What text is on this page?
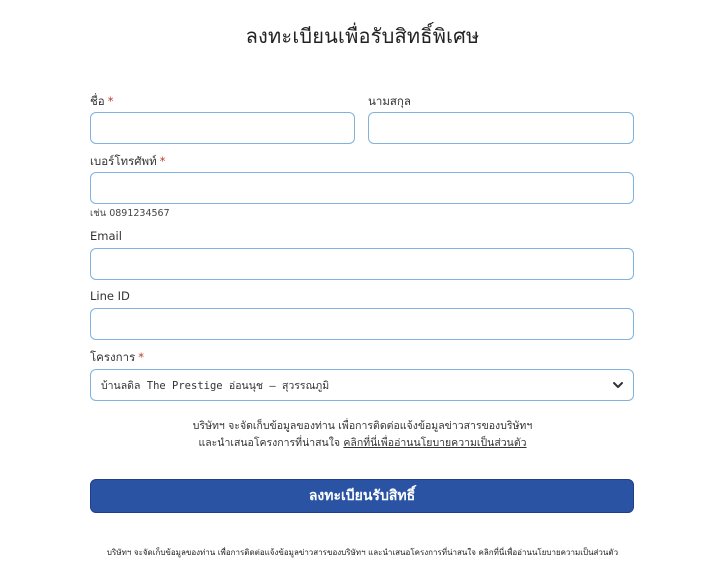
ลงทะเบียนเพื่อรับสิทธิ์พิเศษ
ชื่อ *	นามสกุล
เบอร์โทรศัพท์ *
เช่น 0891234567
Email
Line ID
โครงการ *
บ้านลดิล The Prestige อ่อนนุช – สุวรรณภูมิ
บริษัทฯ จะจัดเก็บข้อมูลของท่าน เพื่อการติดต่อแจ้งข้อมูลข่าวสารของบริษัทฯ
และนำเสนอโครงการที่น่าสนใจ คลิกที่นี่เพื่ออ่านนโยบายความเป็นส่วนตัว
ลงทะเบียนรับสิทธิ์
บริษัทฯ จะจัดเก็บข้อมูลของท่าน เพื่อการติดต่อแจ้งข้อมูลข่าวสารของบริษัทฯ และนำเสนอโครงการที่น่าสนใจ คลิกที่นี่เพื่ออ่านนโยบายความเป็นส่วนตัว
